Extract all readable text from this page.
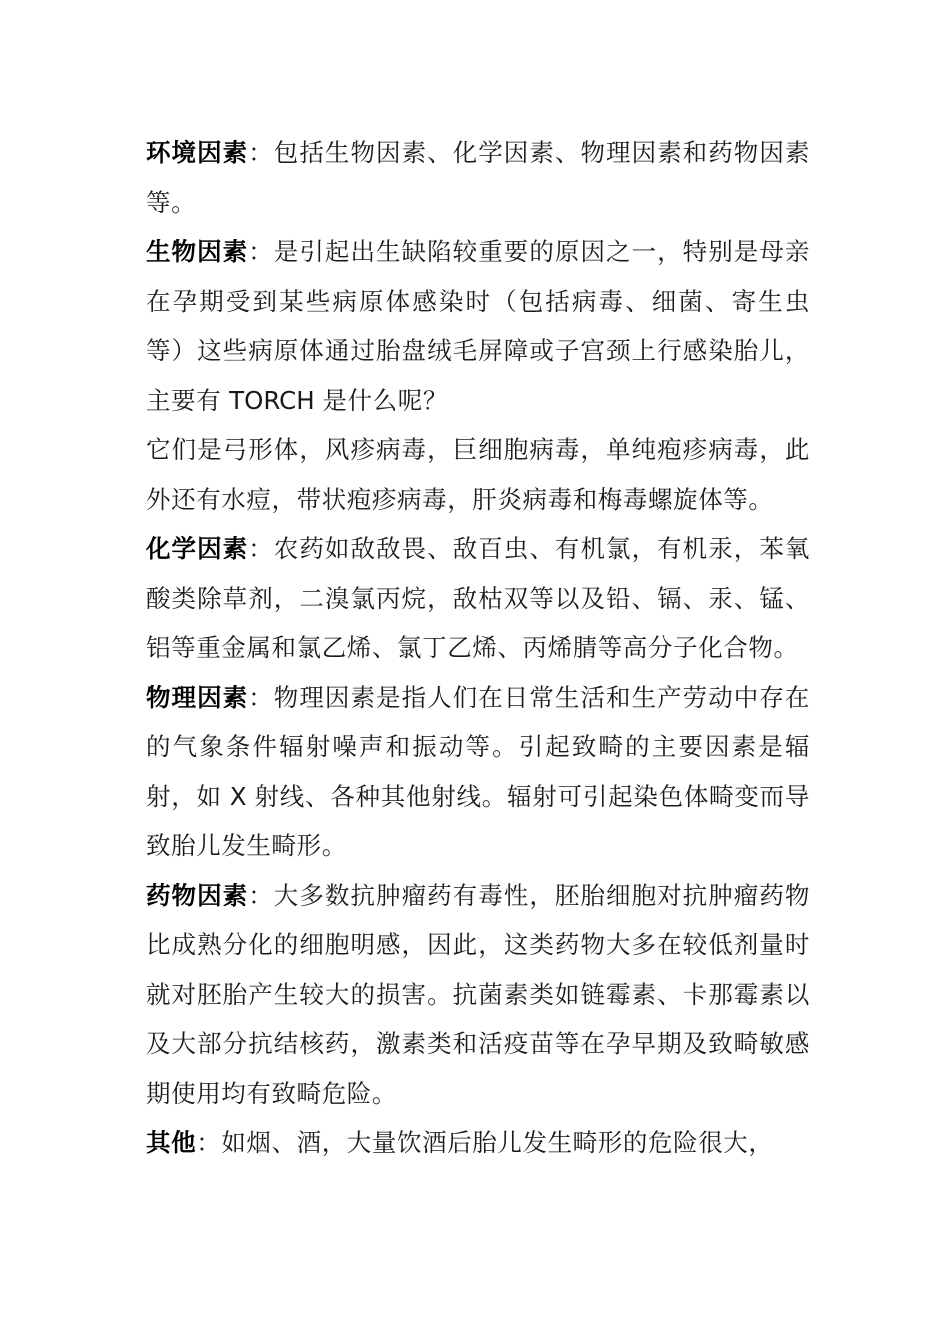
环境因素：包括生物因素、化学因素、物理因素和药物因素等。

生物因素：是引起出生缺陷较重要的原因之一，特别是母亲在孕期受到某些病原体感染时（包括病毒、细菌、寄生虫等）这些病原体通过胎盘绒毛屏障或子宫颈上行感染胎儿，主要有 TORCH 是什么呢？

它们是弓形体，风疹病毒，巨细胞病毒，单纯疱疹病毒，此外还有水痘，带状疱疹病毒，肝炎病毒和梅毒螺旋体等。

化学因素：农药如敌敌畏、敌百虫、有机氯，有机汞，苯氧酸类除草剂，二溴氯丙烷，敌枯双等以及铅、镉、汞、锰、铝等重金属和氯乙烯、氯丁乙烯、丙烯腈等高分子化合物。

物理因素：物理因素是指人们在日常生活和生产劳动中存在的气象条件辐射噪声和振动等。引起致畸的主要因素是辐射，如 X 射线、各种其他射线。辐射可引起染色体畸变而导致胎儿发生畸形。

药物因素：大多数抗肿瘤药有毒性，胚胎细胞对抗肿瘤药物比成熟分化的细胞明感，因此，这类药物大多在较低剂量时就对胚胎产生较大的损害。抗菌素类如链霉素、卡那霉素以及大部分抗结核药，激素类和活疫苗等在孕早期及致畸敏感期使用均有致畸危险。

其他：如烟、酒，大量饮酒后胎儿发生畸形的危险很大，
